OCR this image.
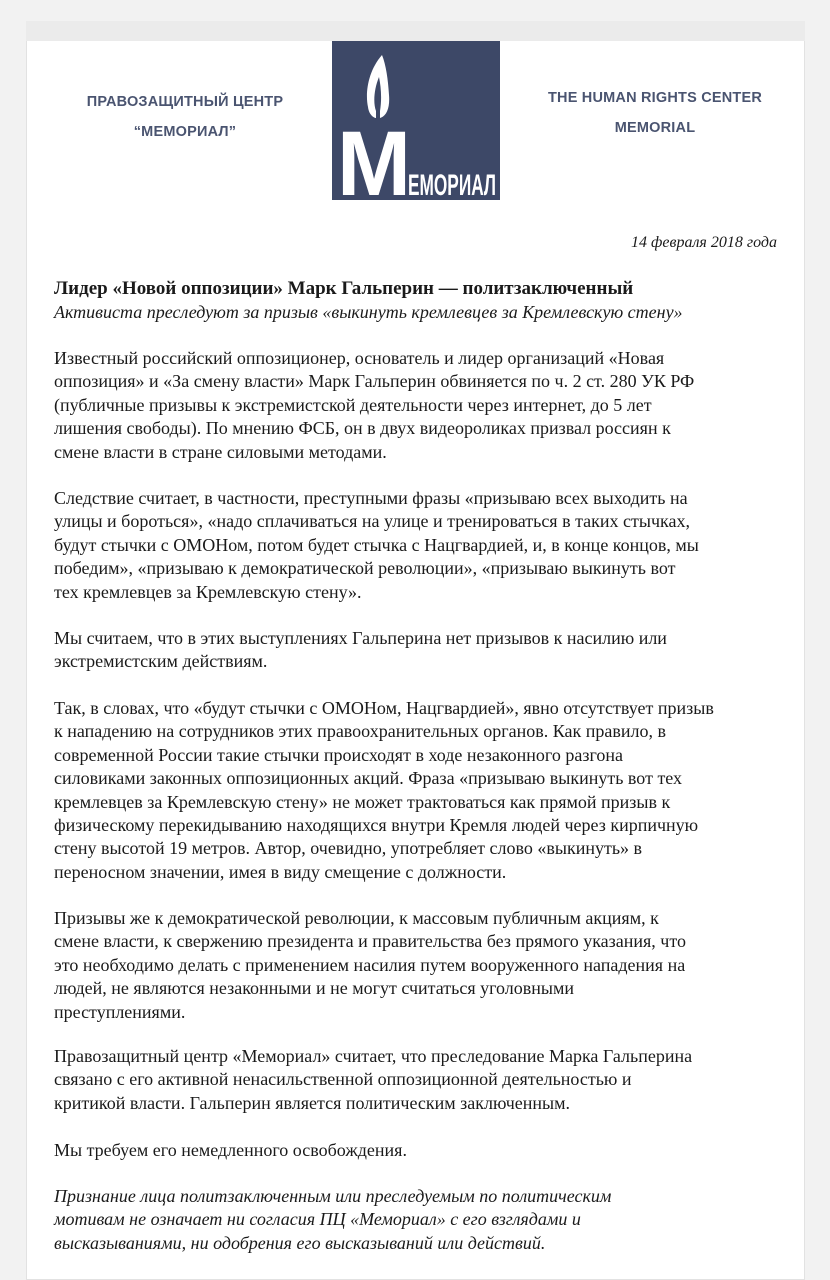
ПРАВОЗАЩИТНЫЙ ЦЕНТР
“МЕМОРИАЛ”	M
ЕМОРИАЛ
THE HUMAN RIGHTS CENTER
MEMORIAL
14 февраля 2018 года
Лидер «Новой оппозиции» Марк Гальперин — политзаключенный
Активиста преследуют за призыв «выкинуть кремлевцев за Кремлевскую стену»
Известный российский оппозиционер, основатель и лидер организаций «Новая
оппозиция» и «За смену власти» Марк Гальперин обвиняется по ч. 2 ст. 280 УК РФ
(публичные призывы к экстремистской деятельности через интернет, до 5 лет
лишения свободы). По мнению ФСБ, он в двух видеороликах призвал россиян к
смене власти в стране силовыми методами.
Следствие считает, в частности, преступными фразы «призываю всех выходить на
улицы и бороться», «надо сплачиваться на улице и тренироваться в таких стычках,
будут стычки с ОМОНом, потом будет стычка с Нацгвардией, и, в конце концов, мы
победим», «призываю к демократической революции», «призываю выкинуть вот
тех кремлевцев за Кремлевскую стену».
Мы считаем, что в этих выступлениях Гальперина нет призывов к насилию или
экстремистским действиям.
Так, в словах, что «будут стычки с ОМОНом, Нацгвардией», явно отсутствует призыв
к нападению на сотрудников этих правоохранительных органов. Как правило, в
современной России такие стычки происходят в ходе незаконного разгона
силовиками законных оппозиционных акций. Фраза «призываю выкинуть вот тех
кремлевцев за Кремлевскую стену» не может трактоваться как прямой призыв к
физическому перекидыванию находящихся внутри Кремля людей через кирпичную
стену высотой 19 метров. Автор, очевидно, употребляет слово «выкинуть» в
переносном значении, имея в виду смещение с должности.
Призывы же к демократической революции, к массовым публичным акциям, к
смене власти, к свержению президента и правительства без прямого указания, что
это необходимо делать с применением насилия путем вооруженного нападения на
людей, не являются незаконными и не могут считаться уголовными
преступлениями.
Правозащитный центр «Мемориал» считает, что преследование Марка Гальперина
связано с его активной ненасильственной оппозиционной деятельностью и
критикой власти. Гальперин является политическим заключенным.
Мы требуем его немедленного освобождения.
Признание лица политзаключенным или преследуемым по политическим
мотивам не означает ни согласия ПЦ «Мемориал» с его взглядами и
высказываниями, ни одобрения его высказываний или действий.
